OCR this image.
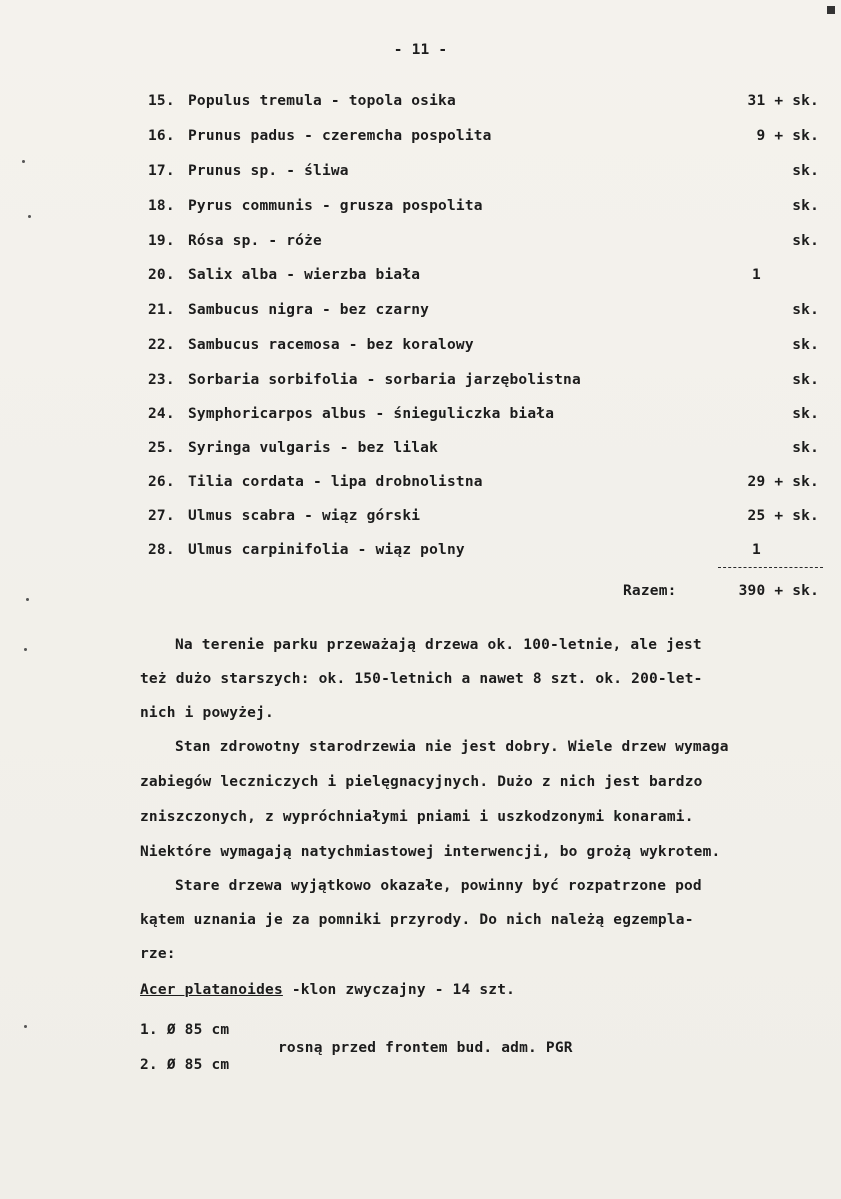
- 11 -
15. Populus tremula - topola osika	31 + sk.
16. Prunus padus - czeremcha pospolita	9 + sk.
17. Prunus sp. - śliwa	sk.
18. Pyrus communis - grusza pospolita	sk.
19. Rósa sp. - róże	sk.
20. Salix alba - wierzba biała	1
21. Sambucus nigra - bez czarny	sk.
22. Sambucus racemosa - bez koralowy	sk.
23. Sorbaria sorbifolia - sorbaria jarzębolistna	sk.
24. Symphoricarpos albus - śnieguliczka biała	sk.
25. Syringa vulgaris - bez lilak	sk.
26. Tilia cordata - lipa drobnolistna	29 + sk.
27. Ulmus scabra - wiąz górski	25 + sk.
28. Ulmus carpinifolia - wiąz polny	1
Razem:	390 + sk.
Na terenie parku przeważają drzewa ok. 100-letnie, ale jest
też dużo starszych: ok. 150-letnich a nawet 8 szt. ok. 200-let-
nich i powyżej.
Stan zdrowotny starodrzewia nie jest dobry. Wiele drzew wymaga
zabiegów leczniczych i pielęgnacyjnych. Dużo z nich jest bardzo
zniszczonych, z wypróchniałymi pniami i uszkodzonymi konarami.
Niektóre wymagają natychmiastowej interwencji, bo grożą wykrotem.
Stare drzewa wyjątkowo okazałe, powinny być rozpatrzone pod
kątem uznania je za pomniki przyrody. Do nich należą egzempla-
rze:
Acer platanoides -klon zwyczajny - 14 szt.
1. Ø 85 cm
2. Ø 85 cm
rosną przed frontem bud. adm. PGR
